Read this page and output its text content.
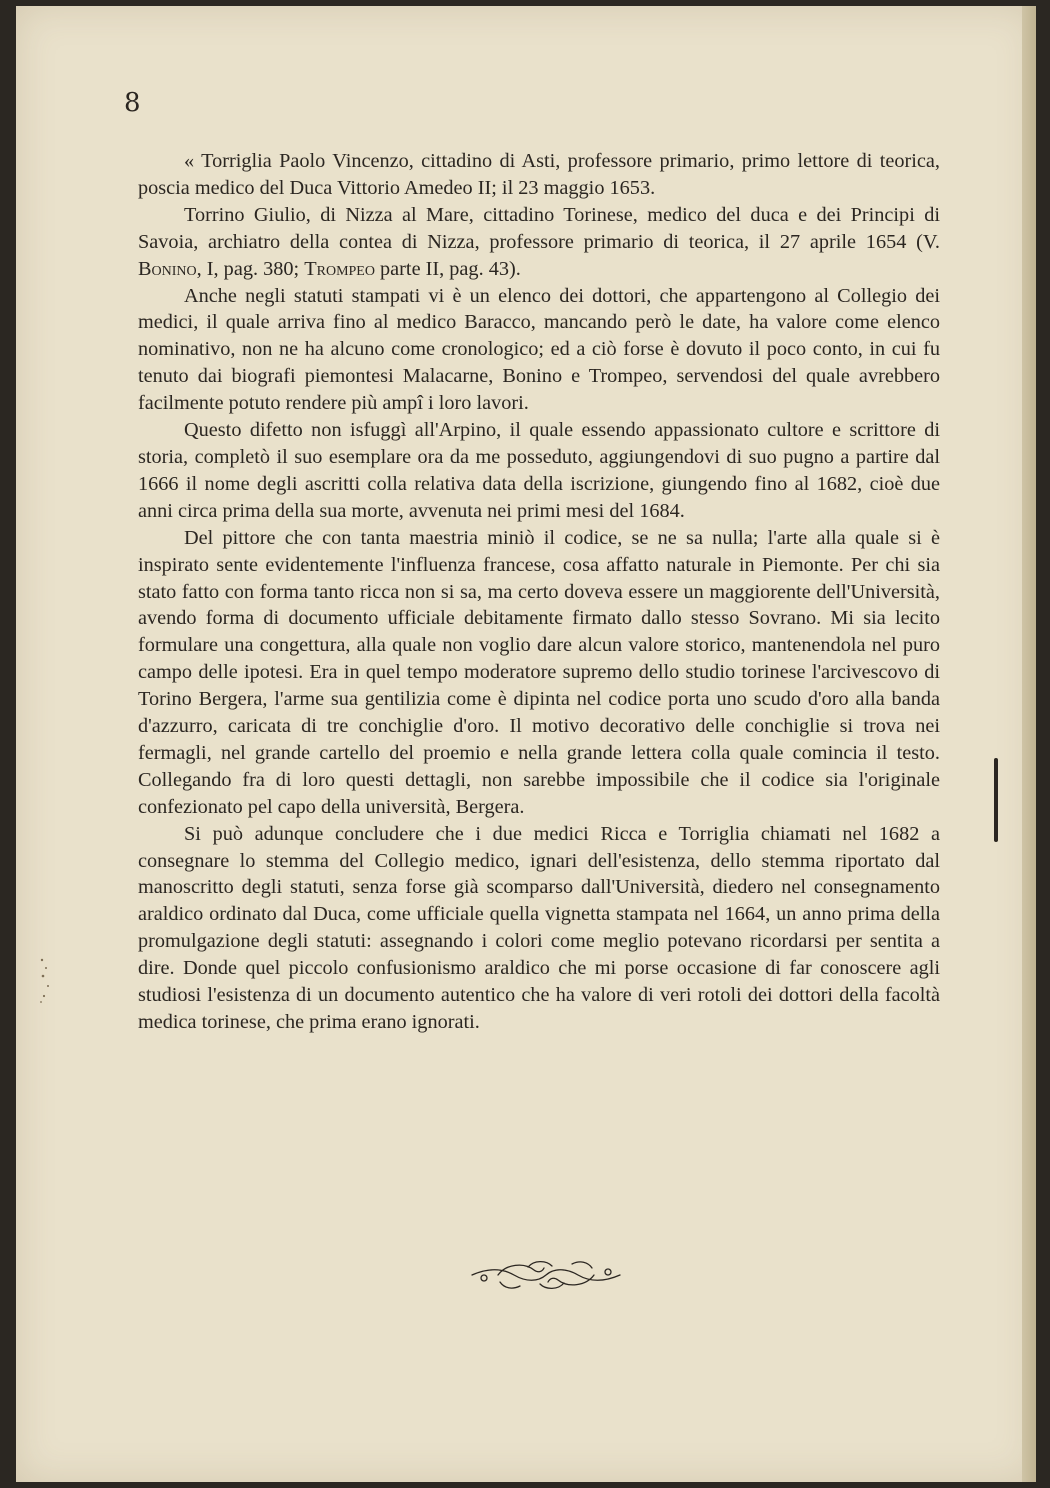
8

« Torriglia Paolo Vincenzo, cittadino di Asti, professore primario, primo lettore di teorica, poscia medico del Duca Vittorio Amedeo II; il 23 maggio 1653.

Torrino Giulio, di Nizza al Mare, cittadino Torinese, medico del duca e dei Principi di Savoia, archiatro della contea di Nizza, professore primario di teorica, il 27 aprile 1654 (V. Bonino, I, pag. 380; Trompeo parte II, pag. 43).

Anche negli statuti stampati vi è un elenco dei dottori, che appartengono al Collegio dei medici, il quale arriva fino al medico Baracco, mancando però le date, ha valore come elenco nominativo, non ne ha alcuno come cronologico; ed a ciò forse è dovuto il poco conto, in cui fu tenuto dai biografi piemontesi Malacarne, Bonino e Trompeo, servendosi del quale avrebbero facilmente potuto rendere più ampî i loro lavori.

Questo difetto non isfuggì all'Arpino, il quale essendo appassionato cultore e scrittore di storia, completò il suo esemplare ora da me posseduto, aggiungendovi di suo pugno a partire dal 1666 il nome degli ascritti colla relativa data della iscrizione, giungendo fino al 1682, cioè due anni circa prima della sua morte, avvenuta nei primi mesi del 1684.

Del pittore che con tanta maestria miniò il codice, se ne sa nulla; l'arte alla quale si è inspirato sente evidentemente l'influenza francese, cosa affatto naturale in Piemonte. Per chi sia stato fatto con forma tanto ricca non si sa, ma certo doveva essere un maggiorente dell'Università, avendo forma di documento ufficiale debitamente firmato dallo stesso Sovrano. Mi sia lecito formulare una congettura, alla quale non voglio dare alcun valore storico, mantenendola nel puro campo delle ipotesi. Era in quel tempo moderatore supremo dello studio torinese l'arcivescovo di Torino Bergera, l'arme sua gentilizia come è dipinta nel codice porta uno scudo d'oro alla banda d'azzurro, caricata di tre conchiglie d'oro. Il motivo decorativo delle conchiglie si trova nei fermagli, nel grande cartello del proemio e nella grande lettera colla quale comincia il testo. Collegando fra di loro questi dettagli, non sarebbe impossibile che il codice sia l'originale confezionato pel capo della università, Bergera.

Si può adunque concludere che i due medici Ricca e Torriglia chiamati nel 1682 a consegnare lo stemma del Collegio medico, ignari dell'esistenza, dello stemma riportato dal manoscritto degli statuti, senza forse già scomparso dall'Università, diedero nel consegnamento araldico ordinato dal Duca, come ufficiale quella vignetta stampata nel 1664, un anno prima della promulgazione degli statuti: assegnando i colori come meglio potevano ricordarsi per sentita a dire. Donde quel piccolo confusionismo araldico che mi porse occasione di far conoscere agli studiosi l'esistenza di un documento autentico che ha valore di veri rotoli dei dottori della facoltà medica torinese, che prima erano ignorati.
